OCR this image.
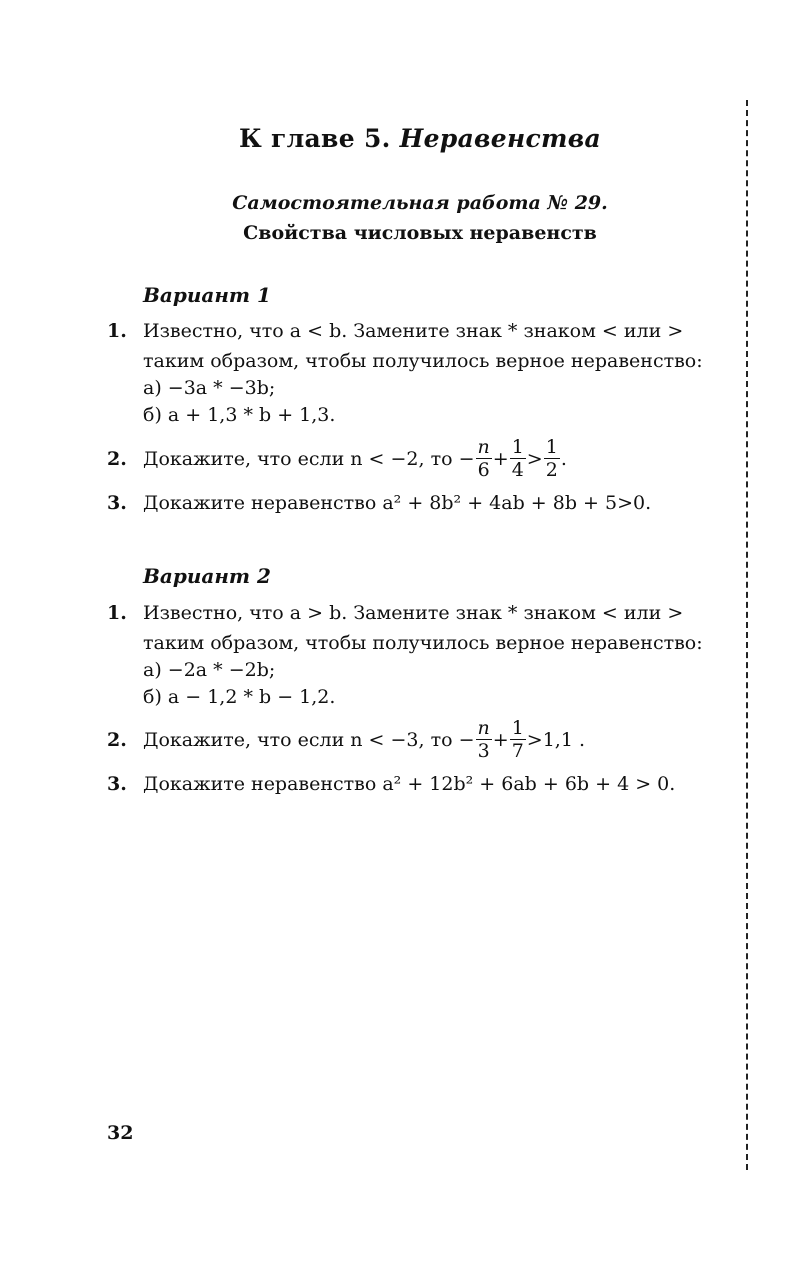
К главе 5. Неравенства
Самостоятельная работа № 29.
Свойства числовых неравенств
Вариант 1
1. Известно, что a < b. Замените знак * знаком < или >
таким образом, чтобы получилось верное неравенство:
а) −3a * −3b;
б) a + 1,3 * b + 1,3.
2. Докажите, что если n < −2, то − $\frac{n}{6} + \frac{1}{4} > \frac{1}{2}$ .
3. Докажите неравенство a² + 8b² + 4ab + 8b + 5>0.
Вариант 2
1. Известно, что a > b. Замените знак * знаком < или >
таким образом, чтобы получилось верное неравенство:
а) −2a * −2b;
б) a − 1,2 * b − 1,2.
2. Докажите, что если n < −3, то − $\frac{n}{3} + \frac{1}{7} >1,1$ .
3. Докажите неравенство a² + 12b² + 6ab + 6b + 4 > 0.
32
